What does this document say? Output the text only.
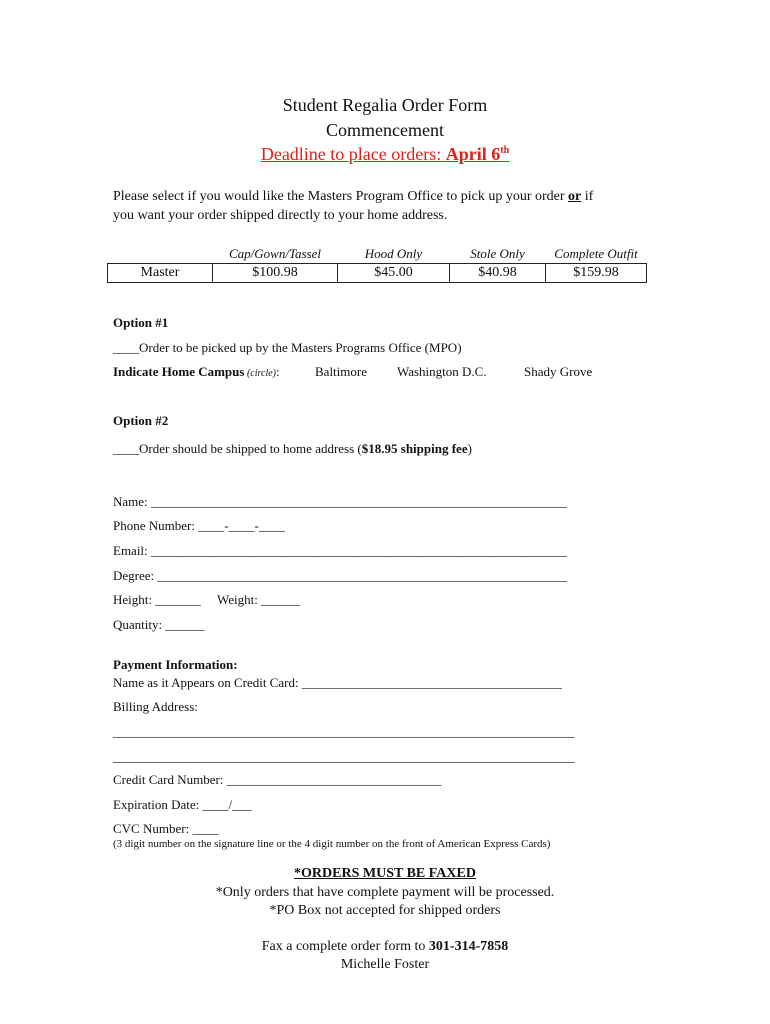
Student Regalia Order Form
Commencement
Deadline to place orders: April 6th
Please select if you would like the Masters Program Office to pick up your order or if
you want your order shipped directly to your home address.
	Cap/Gown/Tassel	Hood Only	Stole Only	Complete Outfit
Master	$100.98	$45.00	$40.98	$159.98
Option #1
____Order to be picked up by the Masters Programs Office (MPO)
Indicate Home Campus (circle):	Baltimore Washington D.C.	Shady Grove
Option #2
____Order should be shipped to home address ($18.95 shipping fee)
Name: ________________________________________________________________
Phone Number: ____-____-____
Email: ________________________________________________________________
Degree: _______________________________________________________________
Height: _______ Weight: ______
Quantity: ______
Payment Information:
Name as it Appears on Credit Card: ________________________________________
Billing Address:
_______________________________________________________________________
_______________________________________________________________________
Credit Card Number: _________________________________
Expiration Date: ____/___
CVC Number: ____
(3 digit number on the signature line or the 4 digit number on the front of American Express Cards)
*ORDERS MUST BE FAXED
*Only orders that have complete payment will be processed.
*PO Box not accepted for shipped orders
Fax a complete order form to 301-314-7858
Michelle Foster
